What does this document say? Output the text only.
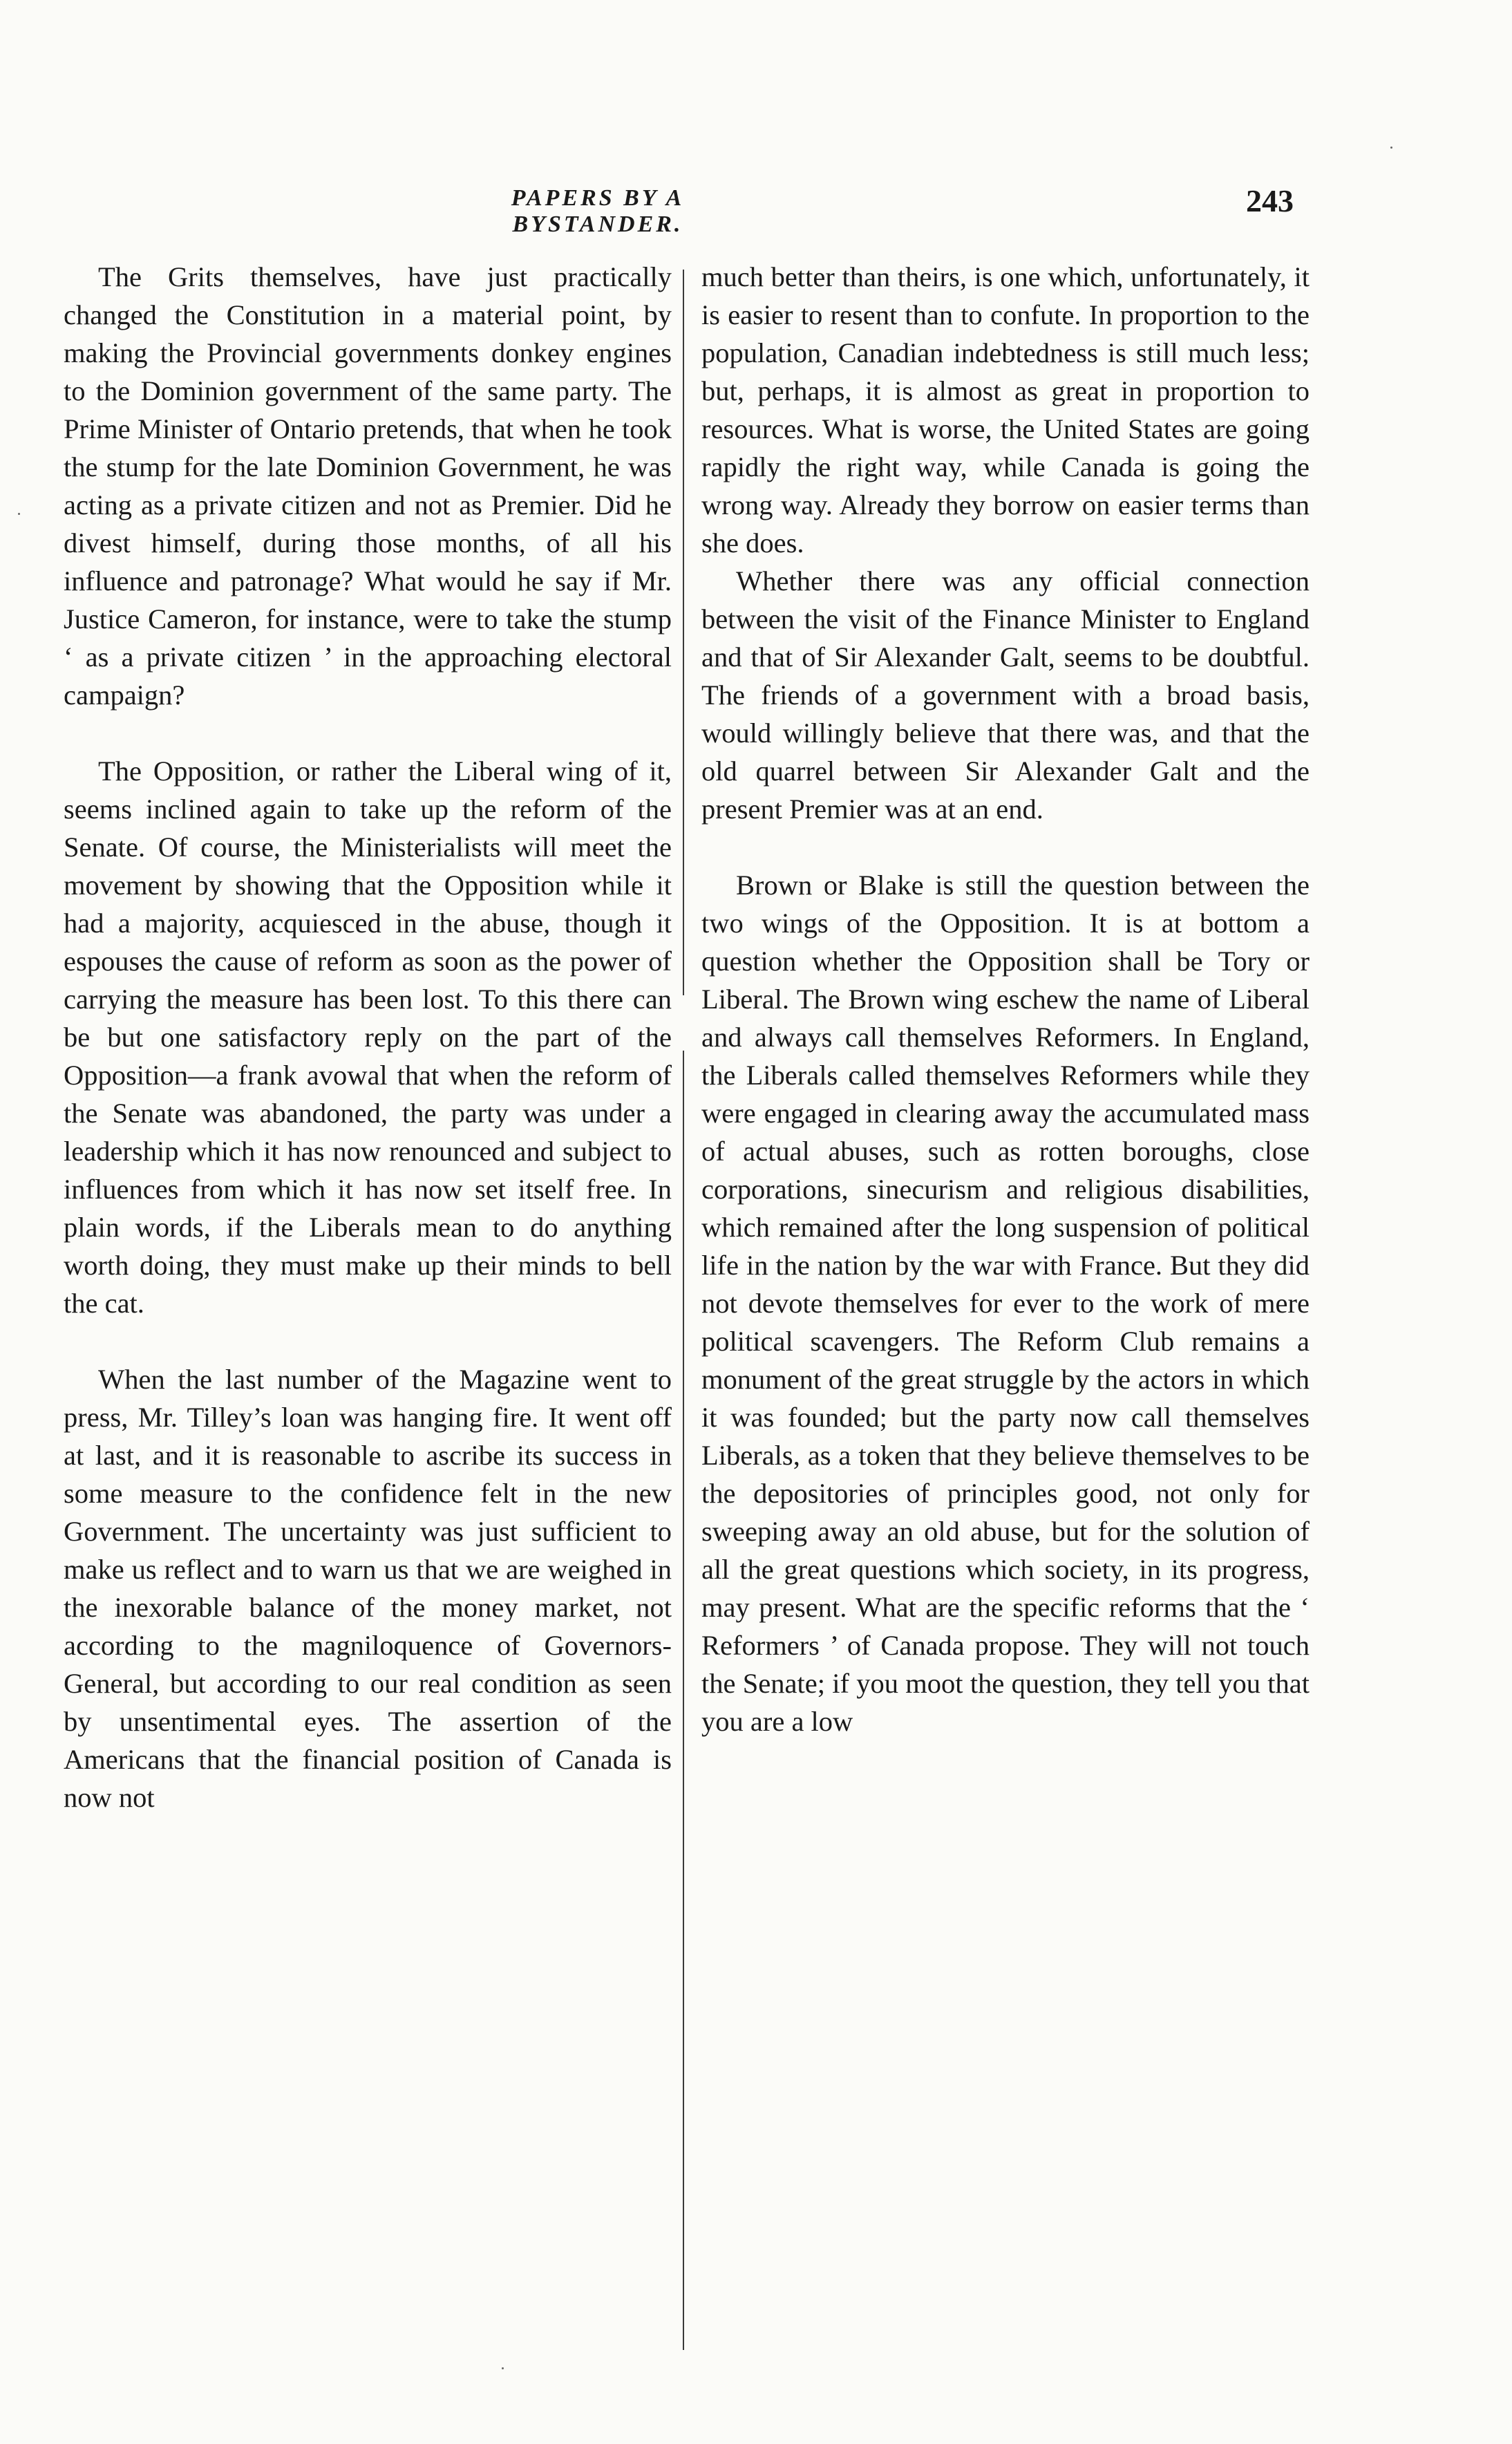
PAPERS BY A BYSTANDER.
243

The Grits themselves, have just practically changed the Constitution in a material point, by making the Provincial governments donkey engines to the Dominion government of the same party. The Prime Minister of Ontario pretends, that when he took the stump for the late Dominion Government, he was acting as a private citizen and not as Premier. Did he divest himself, during those months, of all his influence and patronage? What would he say if Mr. Justice Cameron, for instance, were to take the stump ‘ as a private citizen ’ in the approaching electoral campaign?

The Opposition, or rather the Liberal wing of it, seems inclined again to take up the reform of the Senate. Of course, the Ministerialists will meet the movement by showing that the Opposition while it had a majority, acquiesced in the abuse, though it espouses the cause of reform as soon as the power of carrying the measure has been lost. To this there can be but one satisfactory reply on the part of the Opposition—a frank avowal that when the reform of the Senate was abandoned, the party was under a leadership which it has now renounced and subject to influences from which it has now set itself free. In plain words, if the Liberals mean to do anything worth doing, they must make up their minds to bell the cat.

When the last number of the Magazine went to press, Mr. Tilley’s loan was hanging fire. It went off at last, and it is reasonable to ascribe its success in some measure to the confidence felt in the new Government. The uncertainty was just sufficient to make us reflect and to warn us that we are weighed in the inexorable balance of the money market, not according to the magniloquence of Governors-General, but according to our real condition as seen by unsentimental eyes. The assertion of the Americans that the financial position of Canada is now not

much better than theirs, is one which, unfortunately, it is easier to resent than to confute. In proportion to the population, Canadian indebtedness is still much less; but, perhaps, it is almost as great in proportion to resources. What is worse, the United States are going rapidly the right way, while Canada is going the wrong way. Already they borrow on easier terms than she does.

Whether there was any official connection between the visit of the Finance Minister to England and that of Sir Alexander Galt, seems to be doubtful. The friends of a government with a broad basis, would willingly believe that there was, and that the old quarrel between Sir Alexander Galt and the present Premier was at an end.

Brown or Blake is still the question between the two wings of the Opposition. It is at bottom a question whether the Opposition shall be Tory or Liberal. The Brown wing eschew the name of Liberal and always call themselves Reformers. In England, the Liberals called themselves Reformers while they were engaged in clearing away the accumulated mass of actual abuses, such as rotten boroughs, close corporations, sinecurism and religious disabilities, which remained after the long suspension of political life in the nation by the war with France. But they did not devote themselves for ever to the work of mere political scavengers. The Reform Club remains a monument of the great struggle by the actors in which it was founded; but the party now call themselves Liberals, as a token that they believe themselves to be the depositories of principles good, not only for sweeping away an old abuse, but for the solution of all the great questions which society, in its progress, may present. What are the specific reforms that the ‘ Reformers ’ of Canada propose. They will not touch the Senate; if you moot the question, they tell you that you are a low
